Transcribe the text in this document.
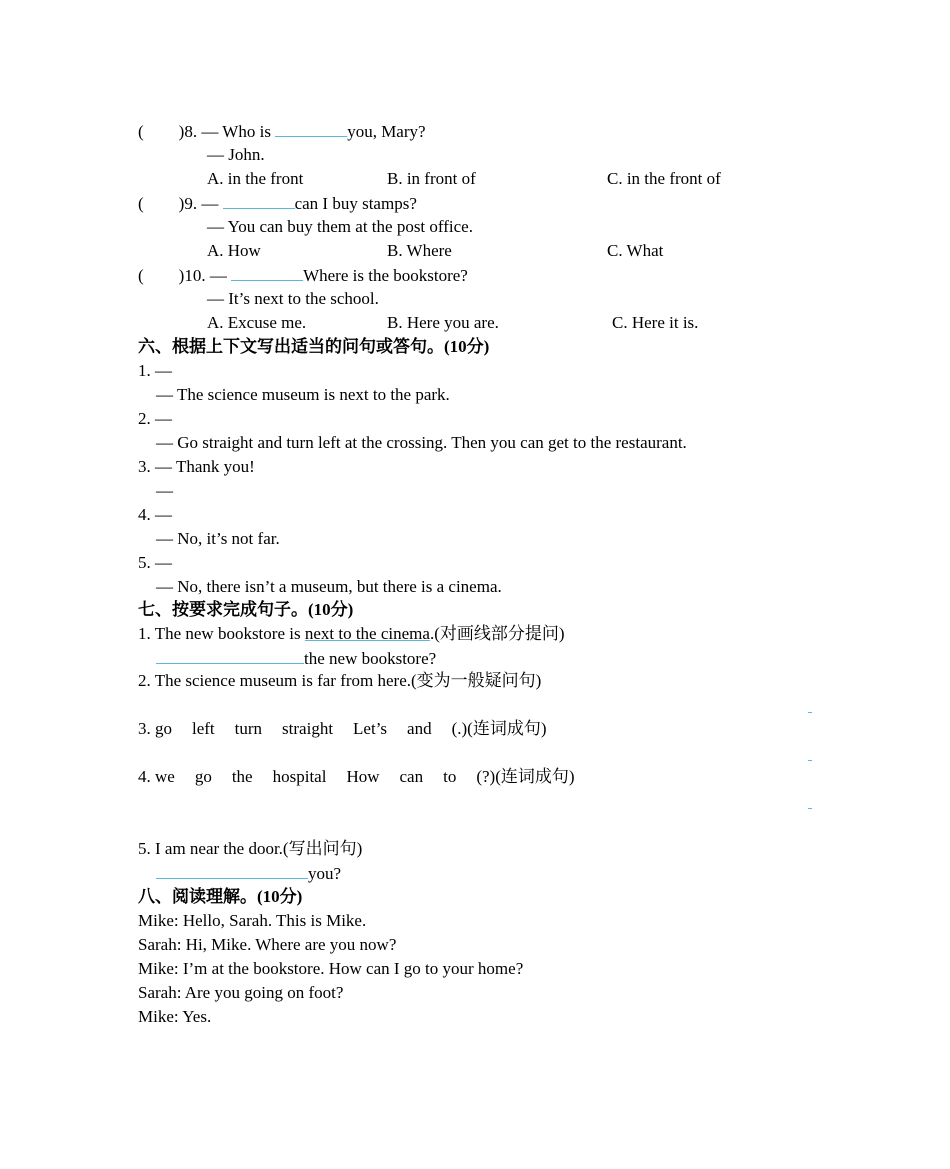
( )8. — Who is	you, Mary?
— John.
A. in the front	B. in front of	C. in the front of
( )9. —	can I buy stamps?
— You can buy them at the post office.
A. How	B. Where	C. What
( )10. —	Where is the bookstore?
— It’s next to the school.
A. Excuse me.	B. Here you are.	C. Here it is.
六、根据上下文写出适当的问句或答句。(10分)
1. —
— The science museum is next to the park.
2. —
— Go straight and turn left at the crossing. Then you can get to the restaurant.
3. — Thank you!
—
4. —
— No, it’s not far.
5. —
— No, there isn’t a museum, but there is a cinema.
七、按要求完成句子。(10分)
1. The new bookstore is next to the cinema.(对画线部分提问)
the new bookstore?
2. The science museum is far from here.(变为一般疑问句)
3. go left turn straight Let’s and (.)(连词成句)
4. we go the hospital How can to (?)(连词成句)
5. I am near the door.(写出问句)
you?
八、阅读理解。(10分)
Mike: Hello, Sarah. This is Mike.
Sarah: Hi, Mike. Where are you now?
Mike: I’m at the bookstore. How can I go to your home?
Sarah: Are you going on foot?
Mike: Yes.
